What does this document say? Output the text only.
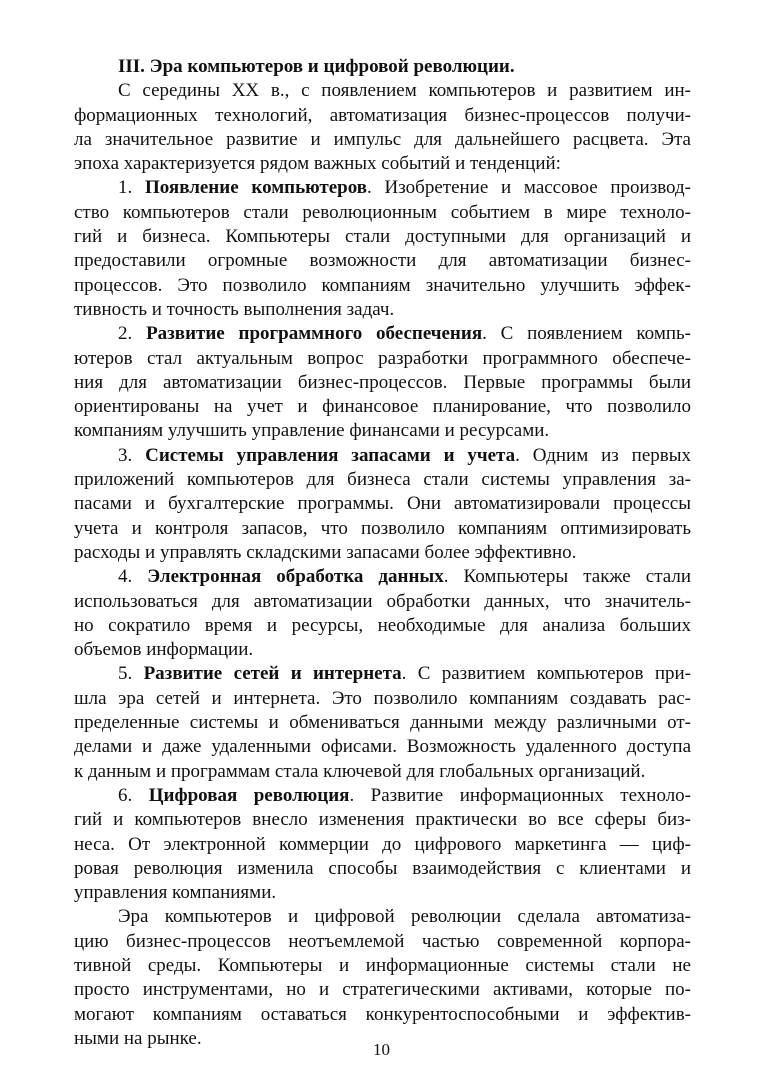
III. Эра компьютеров и цифровой революции.
С середины XX в., с появлением компьютеров и развитием ин-
формационных технологий, автоматизация бизнес-процессов получи-
ла значительное развитие и импульс для дальнейшего расцвета. Эта
эпоха характеризуется рядом важных событий и тенденций:
1. Появление компьютеров. Изобретение и массовое производ-
ство компьютеров стали революционным событием в мире техноло-
гий и бизнеса. Компьютеры стали доступными для организаций и
предоставили огромные возможности для автоматизации бизнес-
процессов. Это позволило компаниям значительно улучшить эффек-
тивность и точность выполнения задач.
2. Развитие программного обеспечения. С появлением компь-
ютеров стал актуальным вопрос разработки программного обеспече-
ния для автоматизации бизнес-процессов. Первые программы были
ориентированы на учет и финансовое планирование, что позволило
компаниям улучшить управление финансами и ресурсами.
3. Системы управления запасами и учета. Одним из первых
приложений компьютеров для бизнеса стали системы управления за-
пасами и бухгалтерские программы. Они автоматизировали процессы
учета и контроля запасов, что позволило компаниям оптимизировать
расходы и управлять складскими запасами более эффективно.
4. Электронная обработка данных. Компьютеры также стали
использоваться для автоматизации обработки данных, что значитель-
но сократило время и ресурсы, необходимые для анализа больших
объемов информации.
5. Развитие сетей и интернета. С развитием компьютеров при-
шла эра сетей и интернета. Это позволило компаниям создавать рас-
пределенные системы и обмениваться данными между различными от-
делами и даже удаленными офисами. Возможность удаленного доступа
к данным и программам стала ключевой для глобальных организаций.
6. Цифровая революция. Развитие информационных техноло-
гий и компьютеров внесло изменения практически во все сферы биз-
неса. От электронной коммерции до цифрового маркетинга — циф-
ровая революция изменила способы взаимодействия с клиентами и
управления компаниями.
Эра компьютеров и цифровой революции сделала автоматиза-
цию бизнес-процессов неотъемлемой частью современной корпора-
тивной среды. Компьютеры и информационные системы стали не
просто инструментами, но и стратегическими активами, которые по-
могают компаниям оставаться конкурентоспособными и эффектив-
ными на рынке.
10
